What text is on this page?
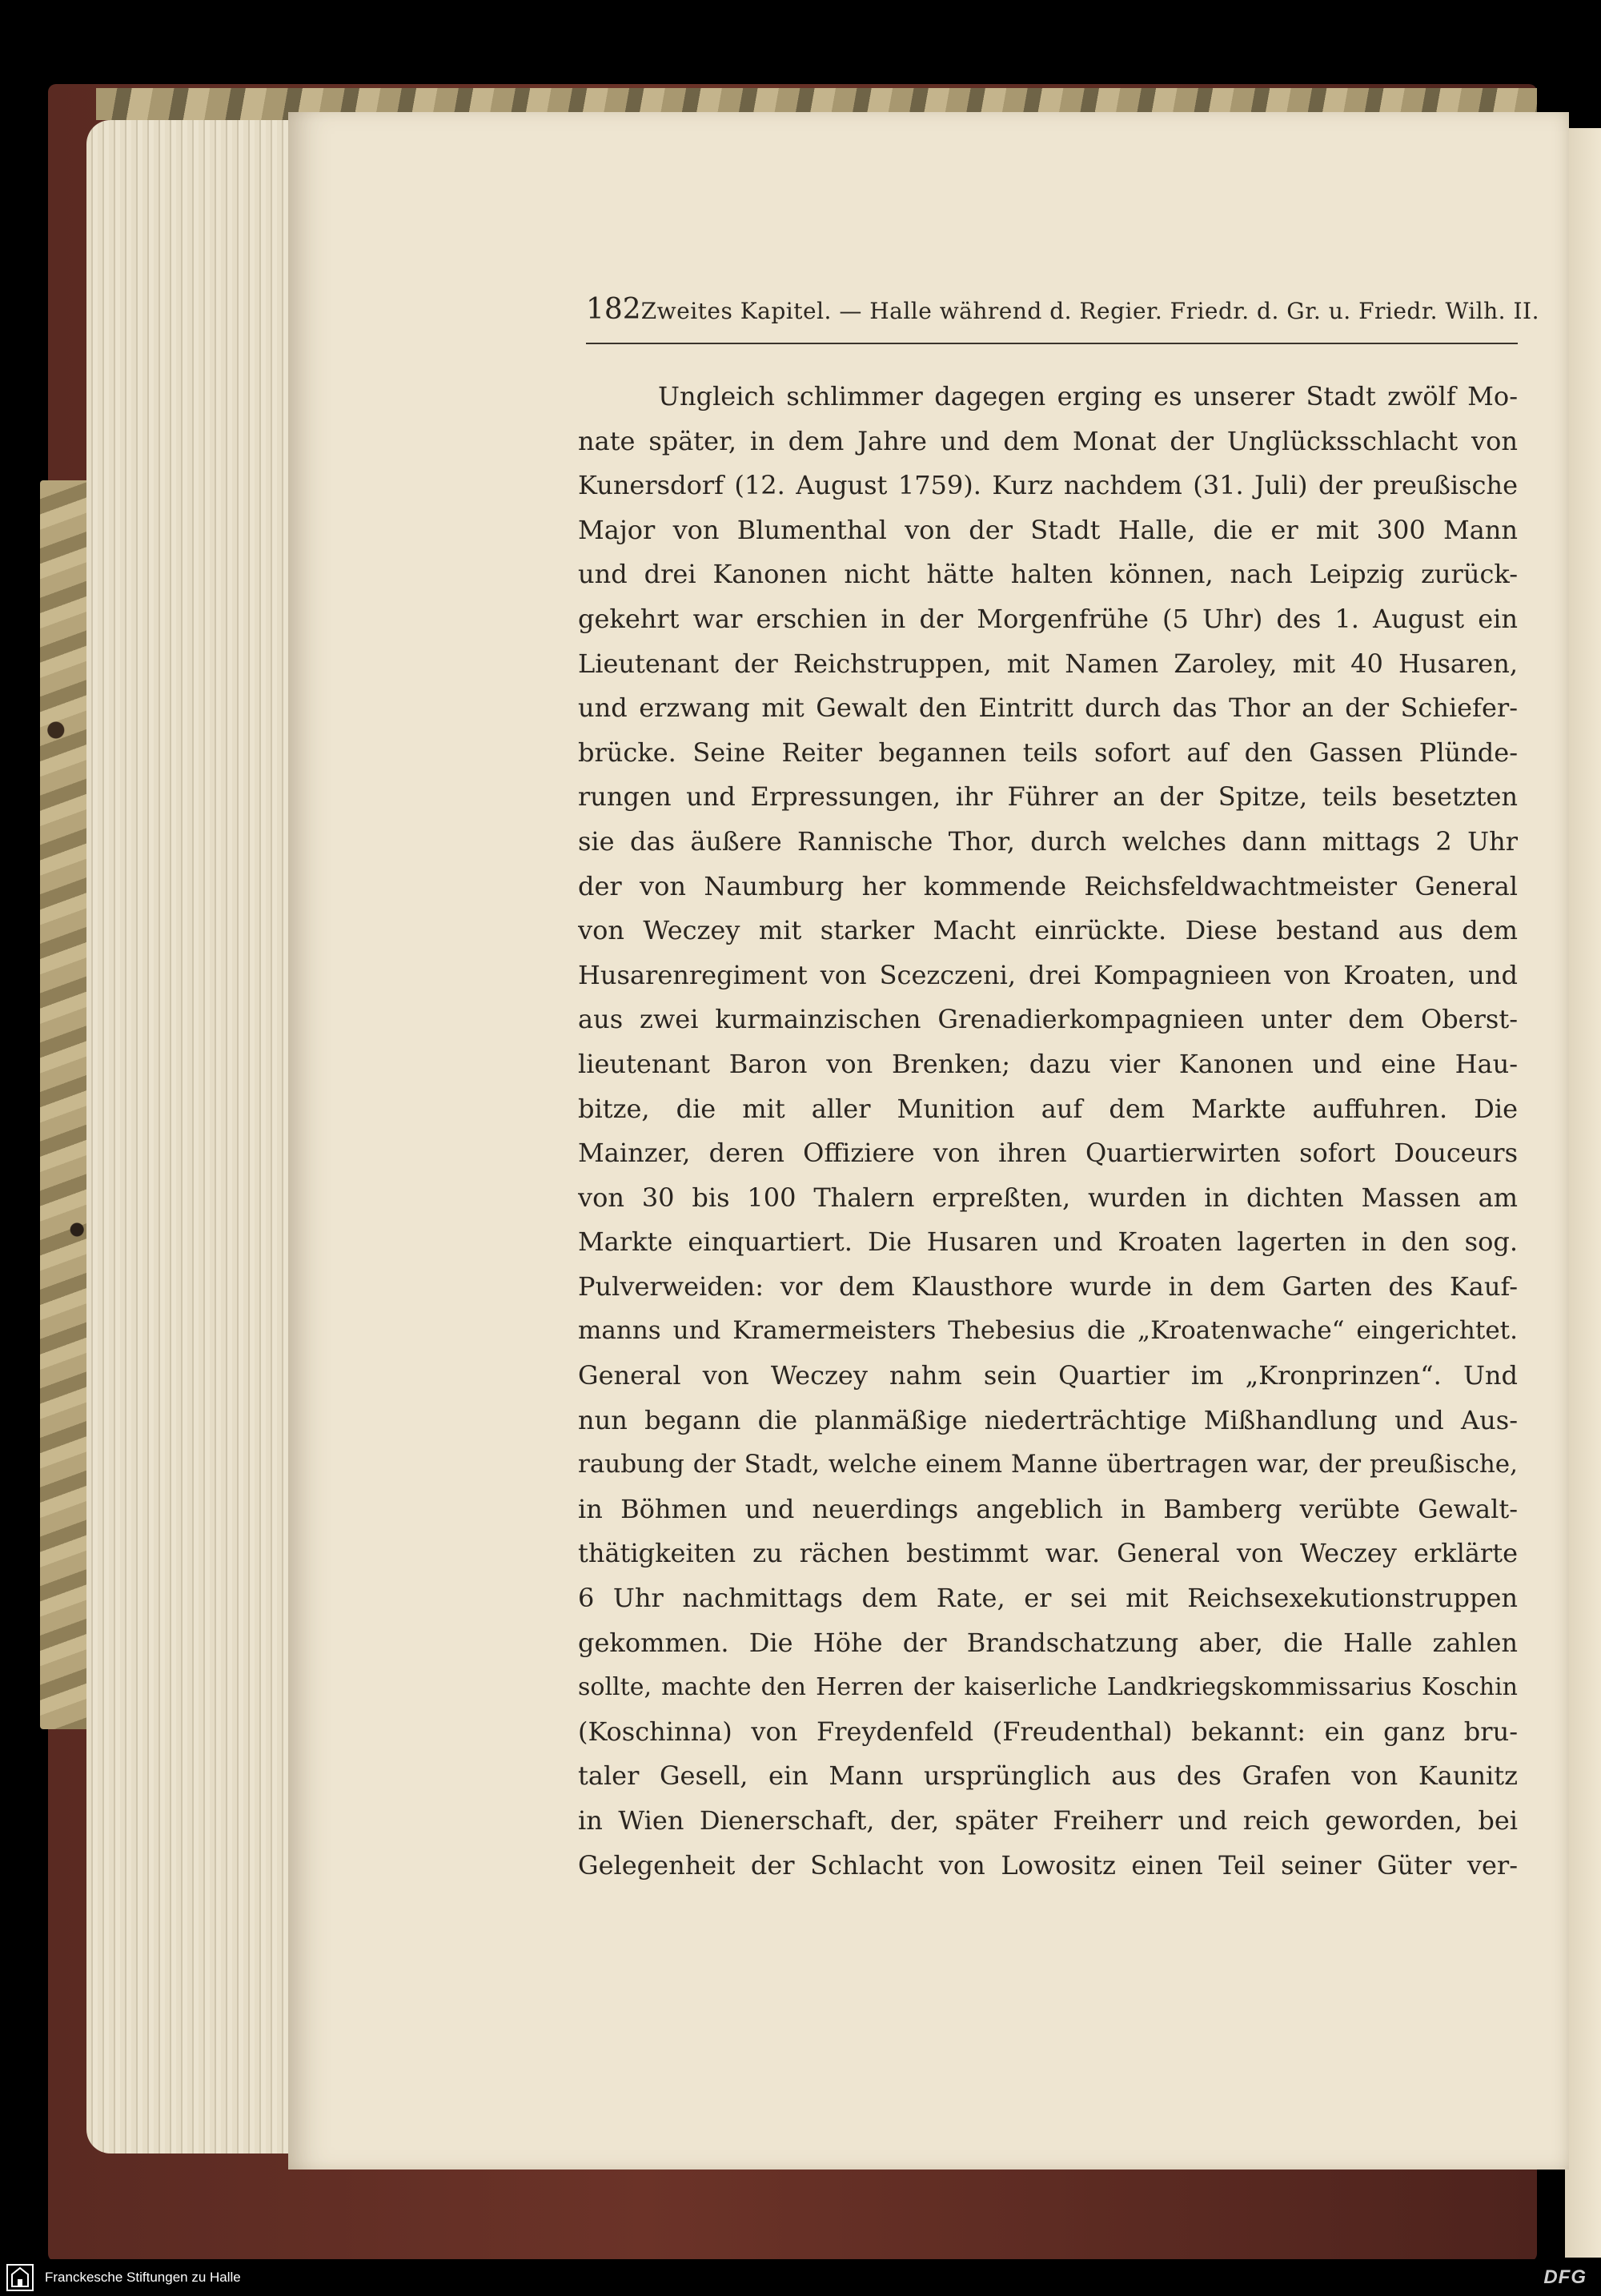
182 Zweites Kapitel. — Halle während d. Regier. Friedr. d. Gr. u. Friedr. Wilh. II.
Ungleich schlimmer dagegen erging es unserer Stadt zwölf Mo-
nate später, in dem Jahre und dem Monat der Unglücksschlacht von
Kunersdorf (12. August 1759). Kurz nachdem (31. Juli) der preußische
Major von Blumenthal von der Stadt Halle, die er mit 300 Mann
und drei Kanonen nicht hätte halten können, nach Leipzig zurück-
gekehrt war erschien in der Morgenfrühe (5 Uhr) des 1. August ein
Lieutenant der Reichstruppen, mit Namen Zaroley, mit 40 Husaren,
und erzwang mit Gewalt den Eintritt durch das Thor an der Schiefer-
brücke. Seine Reiter begannen teils sofort auf den Gassen Plünde-
rungen und Erpressungen, ihr Führer an der Spitze, teils besetzten
sie das äußere Rannische Thor, durch welches dann mittags 2 Uhr
der von Naumburg her kommende Reichsfeldwachtmeister General
von Weczey mit starker Macht einrückte. Diese bestand aus dem
Husarenregiment von Scezczeni, drei Kompagnieen von Kroaten, und
aus zwei kurmainzischen Grenadierkompagnieen unter dem Oberst-
lieutenant Baron von Brenken; dazu vier Kanonen und eine Hau-
bitze, die mit aller Munition auf dem Markte auffuhren. Die
Mainzer, deren Offiziere von ihren Quartierwirten sofort Douceurs
von 30 bis 100 Thalern erpreßten, wurden in dichten Massen am
Markte einquartiert. Die Husaren und Kroaten lagerten in den sog.
Pulverweiden: vor dem Klausthore wurde in dem Garten des Kauf-
manns und Kramermeisters Thebesius die „Kroatenwache“ eingerichtet.
General von Weczey nahm sein Quartier im „Kronprinzen“. Und
nun begann die planmäßige niederträchtige Mißhandlung und Aus-
raubung der Stadt, welche einem Manne übertragen war, der preußische,
in Böhmen und neuerdings angeblich in Bamberg verübte Gewalt-
thätigkeiten zu rächen bestimmt war. General von Weczey erklärte
6 Uhr nachmittags dem Rate, er sei mit Reichsexekutionstruppen
gekommen. Die Höhe der Brandschatzung aber, die Halle zahlen
sollte, machte den Herren der kaiserliche Landkriegskommissarius Koschin
(Koschinna) von Freydenfeld (Freudenthal) bekannt: ein ganz bru-
taler Gesell, ein Mann ursprünglich aus des Grafen von Kaunitz
in Wien Dienerschaft, der, später Freiherr und reich geworden, bei
Gelegenheit der Schlacht von Lowositz einen Teil seiner Güter ver-
Franckesche Stiftungen zu Halle	DFG
